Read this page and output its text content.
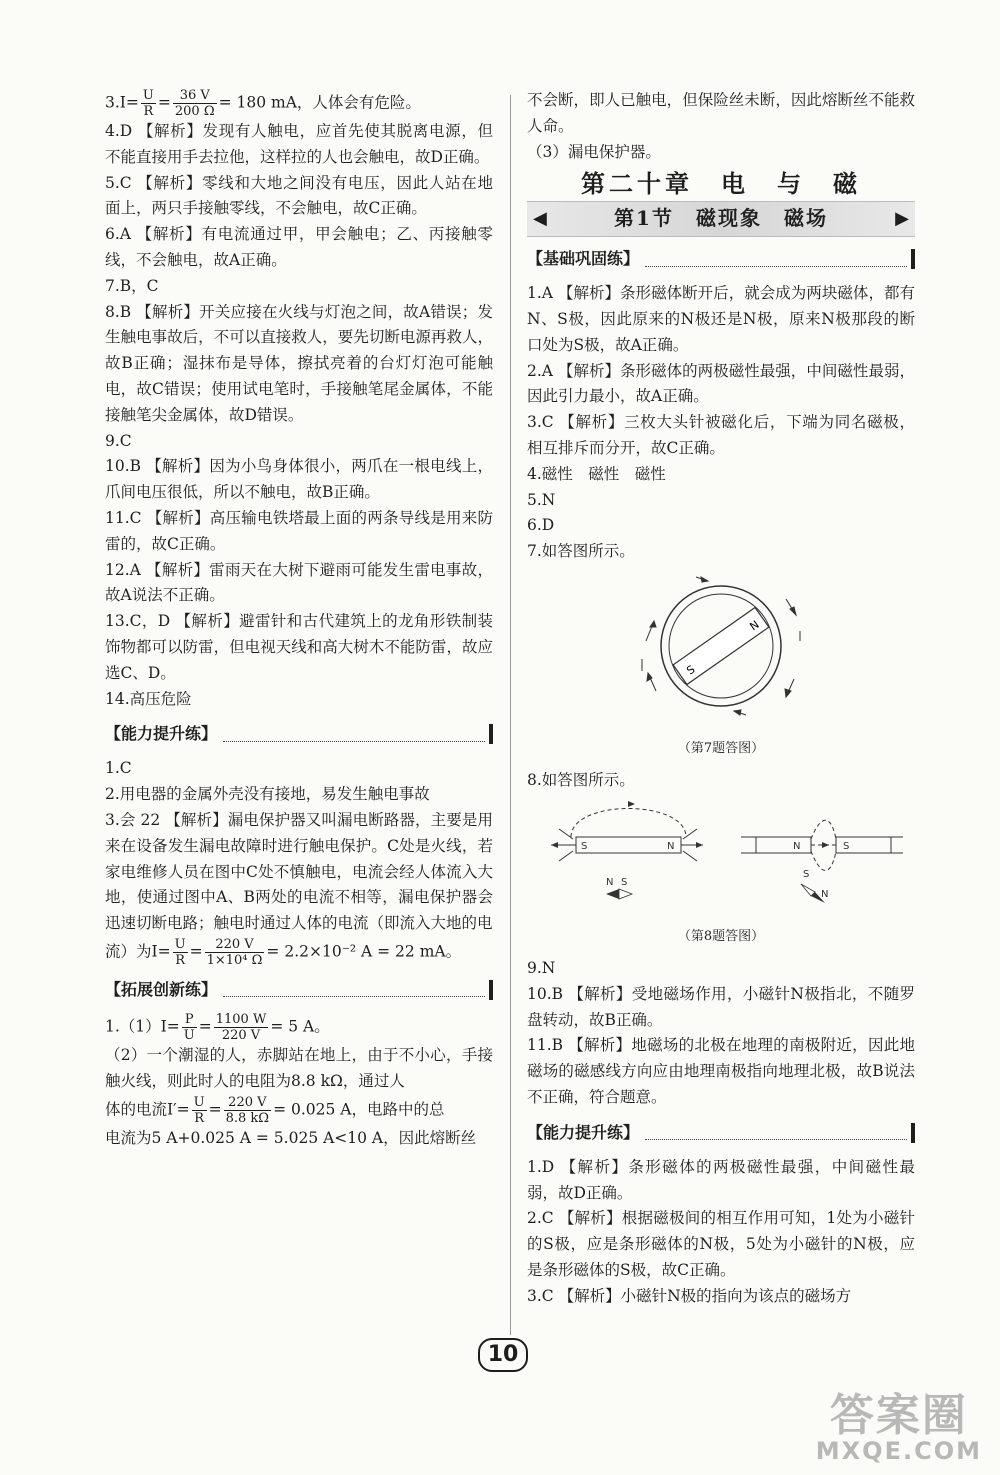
$3.I= \frac{U}{R} = \frac{36 V}{200 \Omega} = 180$ mA，人体会有危险。

4.D 【解析】发现有人触电，应首先使其脱离电源，但不能直接用手去拉他，这样拉的人也会触电，故D正确。

5.C 【解析】零线和大地之间没有电压，因此人站在地面上，两只手接触零线，不会触电，故C正确。

6.A 【解析】有电流通过甲，甲会触电；乙、丙接触零线，不会触电，故A正确。

7.B，C

8.B 【解析】开关应接在火线与灯泡之间，故A错误；发生触电事故后，不可以直接救人，要先切断电源再救人，故B正确；湿抹布是导体，擦拭亮着的台灯灯泡可能触电，故C错误；使用试电笔时，手接触笔尾金属体，不能接触笔尖金属体，故D错误。

9.C

10.B 【解析】因为小鸟身体很小，两爪在一根电线上，爪间电压很低，所以不触电，故B正确。

11.C 【解析】高压输电铁塔最上面的两条导线是用来防雷的，故C正确。

12.A 【解析】雷雨天在大树下避雨可能发生雷电事故，故A说法不正确。

13.C，D 【解析】避雷针和古代建筑上的龙角形铁制装饰物都可以防雷，但电视天线和高大树木不能防雷，故应选C、D。

14.高压危险

【能力提升练】

1.C

2.用电器的金属外壳没有接地，易发生触电事故

3.会 22 【解析】漏电保护器又叫漏电断路器，主要是用来在设备发生漏电故障时进行触电保护。C处是火线，若家电维修人员在图中C处不慎触电，电流会经人体流入大地，使通过图中A、B两处的电流不相等，漏电保护器会迅速切断电路；触电时通过人体的电流（即流入大地的电

流）为$I= \frac{U}{R} = \frac{220 V}{\text{1×10⁴ Ω}} = 2.2\times 10^{-2}$ A = 22 mA。

【拓展创新练】

$1.(1)I= \frac{P}{U} = \frac{1100 W}{220 V} = 5$ A。

（2）一个潮湿的人，赤脚站在地上，由于不小心，手接触火线，则此时人的电阻为8.8 kΩ，通过人

体的电流$I'= \frac{U}{R} = \frac{220 V}{8.8 k\Omega} = 0.025$ A，电路中的总

电流为5 A+0.025 A = 5.025 A<10 A，因此熔断丝

不会断，即人已触电，但保险丝未断，因此熔断丝不能救人命。

（3）漏电保护器。

第二十章　电　与　磁
◀	第1节　磁现象　磁场	▶
【基础巩固练】

1.A 【解析】条形磁体断开后，就会成为两块磁体，都有N、S极，因此原来的N极还是N极，原来N极那段的断口处为S极，故A正确。

2.A 【解析】条形磁体的两极磁性最强，中间磁性最弱，因此引力最小，故A正确。

3.C 【解析】三枚大头针被磁化后，下端为同名磁极，相互排斥而分开，故C正确。

4.磁性　磁性　磁性

5.N

6.D

7.如答图所示。

S
N
（第7题答图）

8.如答图所示。

S	N	N	S
N S
S
N
（第8题答图）

9.N

10.B 【解析】受地磁场作用，小磁针N极指北，不随罗盘转动，故B正确。

11.B 【解析】地磁场的北极在地理的南极附近，因此地磁场的磁感线方向应由地理南极指向地理北极，故B说法不正确，符合题意。

【能力提升练】

1.D 【解析】条形磁体的两极磁性最强，中间磁性最弱，故D正确。

2.C 【解析】根据磁极间的相互作用可知，1处为小磁针的S极，应是条形磁体的N极，5处为小磁针的N极，应是条形磁体的S极，故C正确。

3.C 【解析】小磁针N极的指向为该点的磁场方

10
答案圈
MXQE.COM
